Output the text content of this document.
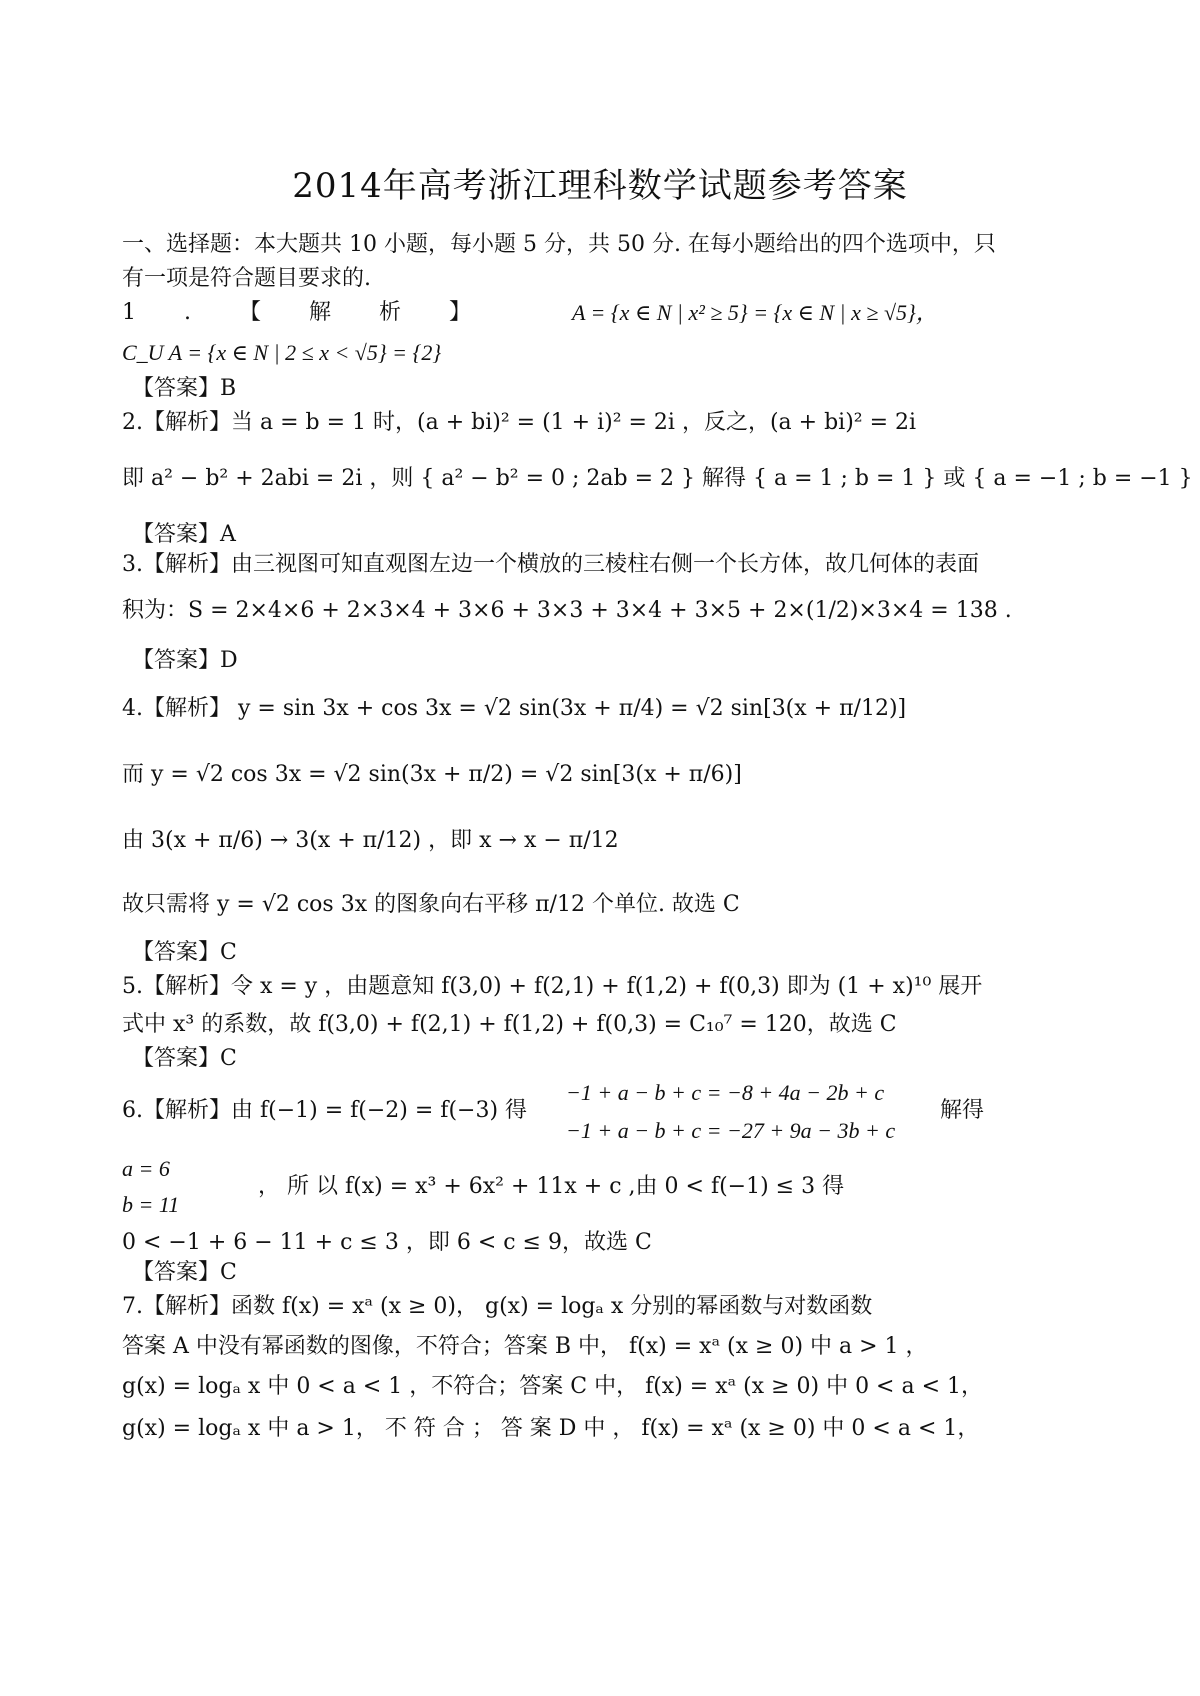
2014年高考浙江理科数学试题参考答案
一、选择题：本大题共 10 小题，每小题 5 分，共 50 分. 在每小题给出的四个选项中，只
有一项是符合题目要求的.
1.【解析】 A = {x ∈ N | x² ≥ 5} = {x ∈ N | x ≥ √5}，
C_U A = {x ∈ N | 2 ≤ x < √5} = {2}
【答案】B
2.【解析】当 a = b = 1 时，(a + bi)² = (1 + i)² = 2i ，反之，(a + bi)² = 2i
即 a² − b² + 2abi = 2i ，则 { a² − b² = 0 ; 2ab = 2 } 解得 { a = 1 ; b = 1 } 或 { a = −1 ; b = −1 }
【答案】A
3.【解析】由三视图可知直观图左边一个横放的三棱柱右侧一个长方体，故几何体的表面
积为：S = 2×4×6 + 2×3×4 + 3×6 + 3×3 + 3×4 + 3×5 + 2×(1/2)×3×4 = 138 .
【答案】D
4.【解析】 y = sin 3x + cos 3x = √2 sin(3x + π/4) = √2 sin[3(x + π/12)]
而 y = √2 cos 3x = √2 sin(3x + π/2) = √2 sin[3(x + π/6)]
由 3(x + π/6) → 3(x + π/12) ，即 x → x − π/12
故只需将 y = √2 cos 3x 的图象向右平移 π/12 个单位. 故选 C
【答案】C
5.【解析】令 x = y ，由题意知 f(3,0) + f(2,1) + f(1,2) + f(0,3) 即为 (1 + x)¹⁰ 展开
式中 x³ 的系数，故 f(3,0) + f(2,1) + f(1,2) + f(0,3) = C₁₀⁷ = 120，故选 C
【答案】C
6.【解析】由 f(−1) = f(−2) = f(−3) 得
−1 + a − b + c = −8 + 4a − 2b + c
−1 + a − b + c = −27 + 9a − 3b + c
解得
a = 6
b = 11
， 所 以 f(x) = x³ + 6x² + 11x + c ,由 0 < f(−1) ≤ 3 得
0 < −1 + 6 − 11 + c ≤ 3 ，即 6 < c ≤ 9，故选 C
【答案】C
7.【解析】函数 f(x) = xᵃ (x ≥ 0)， g(x) = logₐ x 分别的幂函数与对数函数
答案 A 中没有幂函数的图像，不符合；答案 B 中， f(x) = xᵃ (x ≥ 0) 中 a > 1 ，
g(x) = logₐ x 中 0 < a < 1 ，不符合；答案 C 中， f(x) = xᵃ (x ≥ 0) 中 0 < a < 1，
g(x) = logₐ x 中 a > 1， 不 符 合 ； 答 案 D 中 ， f(x) = xᵃ (x ≥ 0) 中 0 < a < 1，
